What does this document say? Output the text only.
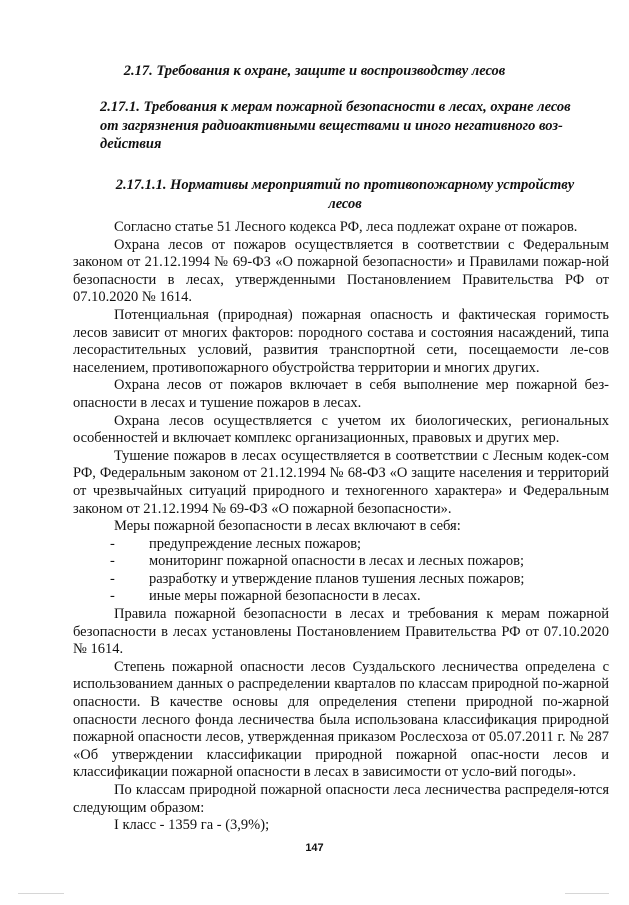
2.17. Требования к охране, защите и воспроизводству лесов
2.17.1. Требования к мерам пожарной безопасности в лесах, охране лесов от загрязнения радиоактивными веществами и иного негативного воз-действия
2.17.1.1. Нормативы мероприятий по противопожарному устройству лесов

Согласно статье 51 Лесного кодекса РФ, леса подлежат охране от пожаров.

Охрана лесов от пожаров осуществляется в соответствии с Федеральным законом от 21.12.1994 № 69-ФЗ «О пожарной безопасности» и Правилами пожар-ной безопасности в лесах, утвержденными Постановлением Правительства РФ от 07.10.2020 № 1614.

Потенциальная (природная) пожарная опасность и фактическая горимость лесов зависит от многих факторов: породного состава и состояния насаждений, типа лесорастительных условий, развития транспортной сети, посещаемости ле-сов населением, противопожарного обустройства территории и многих других.

Охрана лесов от пожаров включает в себя выполнение мер пожарной без-опасности в лесах и тушение пожаров в лесах.

Охрана лесов осуществляется с учетом их биологических, региональных особенностей и включает комплекс организационных, правовых и других мер.

Тушение пожаров в лесах осуществляется в соответствии с Лесным кодек-сом РФ, Федеральным законом от 21.12.1994 № 68-ФЗ «О защите населения и территорий от чрезвычайных ситуаций природного и техногенного характера» и Федеральным законом от 21.12.1994 № 69-ФЗ «О пожарной безопасности».

Меры пожарной безопасности в лесах включают в себя:

- предупреждение лесных пожаров;
- мониторинг пожарной опасности в лесах и лесных пожаров;
- разработку и утверждение планов тушения лесных пожаров;
- иные меры пожарной безопасности в лесах.

Правила пожарной безопасности в лесах и требования к мерам пожарной безопасности в лесах установлены Постановлением Правительства РФ от 07.10.2020 № 1614.

Степень пожарной опасности лесов Суздальского лесничества определена с использованием данных о распределении кварталов по классам природной по-жарной опасности. В качестве основы для определения степени природной по-жарной опасности лесного фонда лесничества была использована классификация природной пожарной опасности лесов, утвержденная приказом Рослесхоза от 05.07.2011 г. № 287 «Об утверждении классификации природной пожарной опас-ности лесов и классификации пожарной опасности в лесах в зависимости от усло-вий погоды».

По классам природной пожарной опасности леса лесничества распределя-ются следующим образом:

I класс - 1359 га - (3,9%);

147
